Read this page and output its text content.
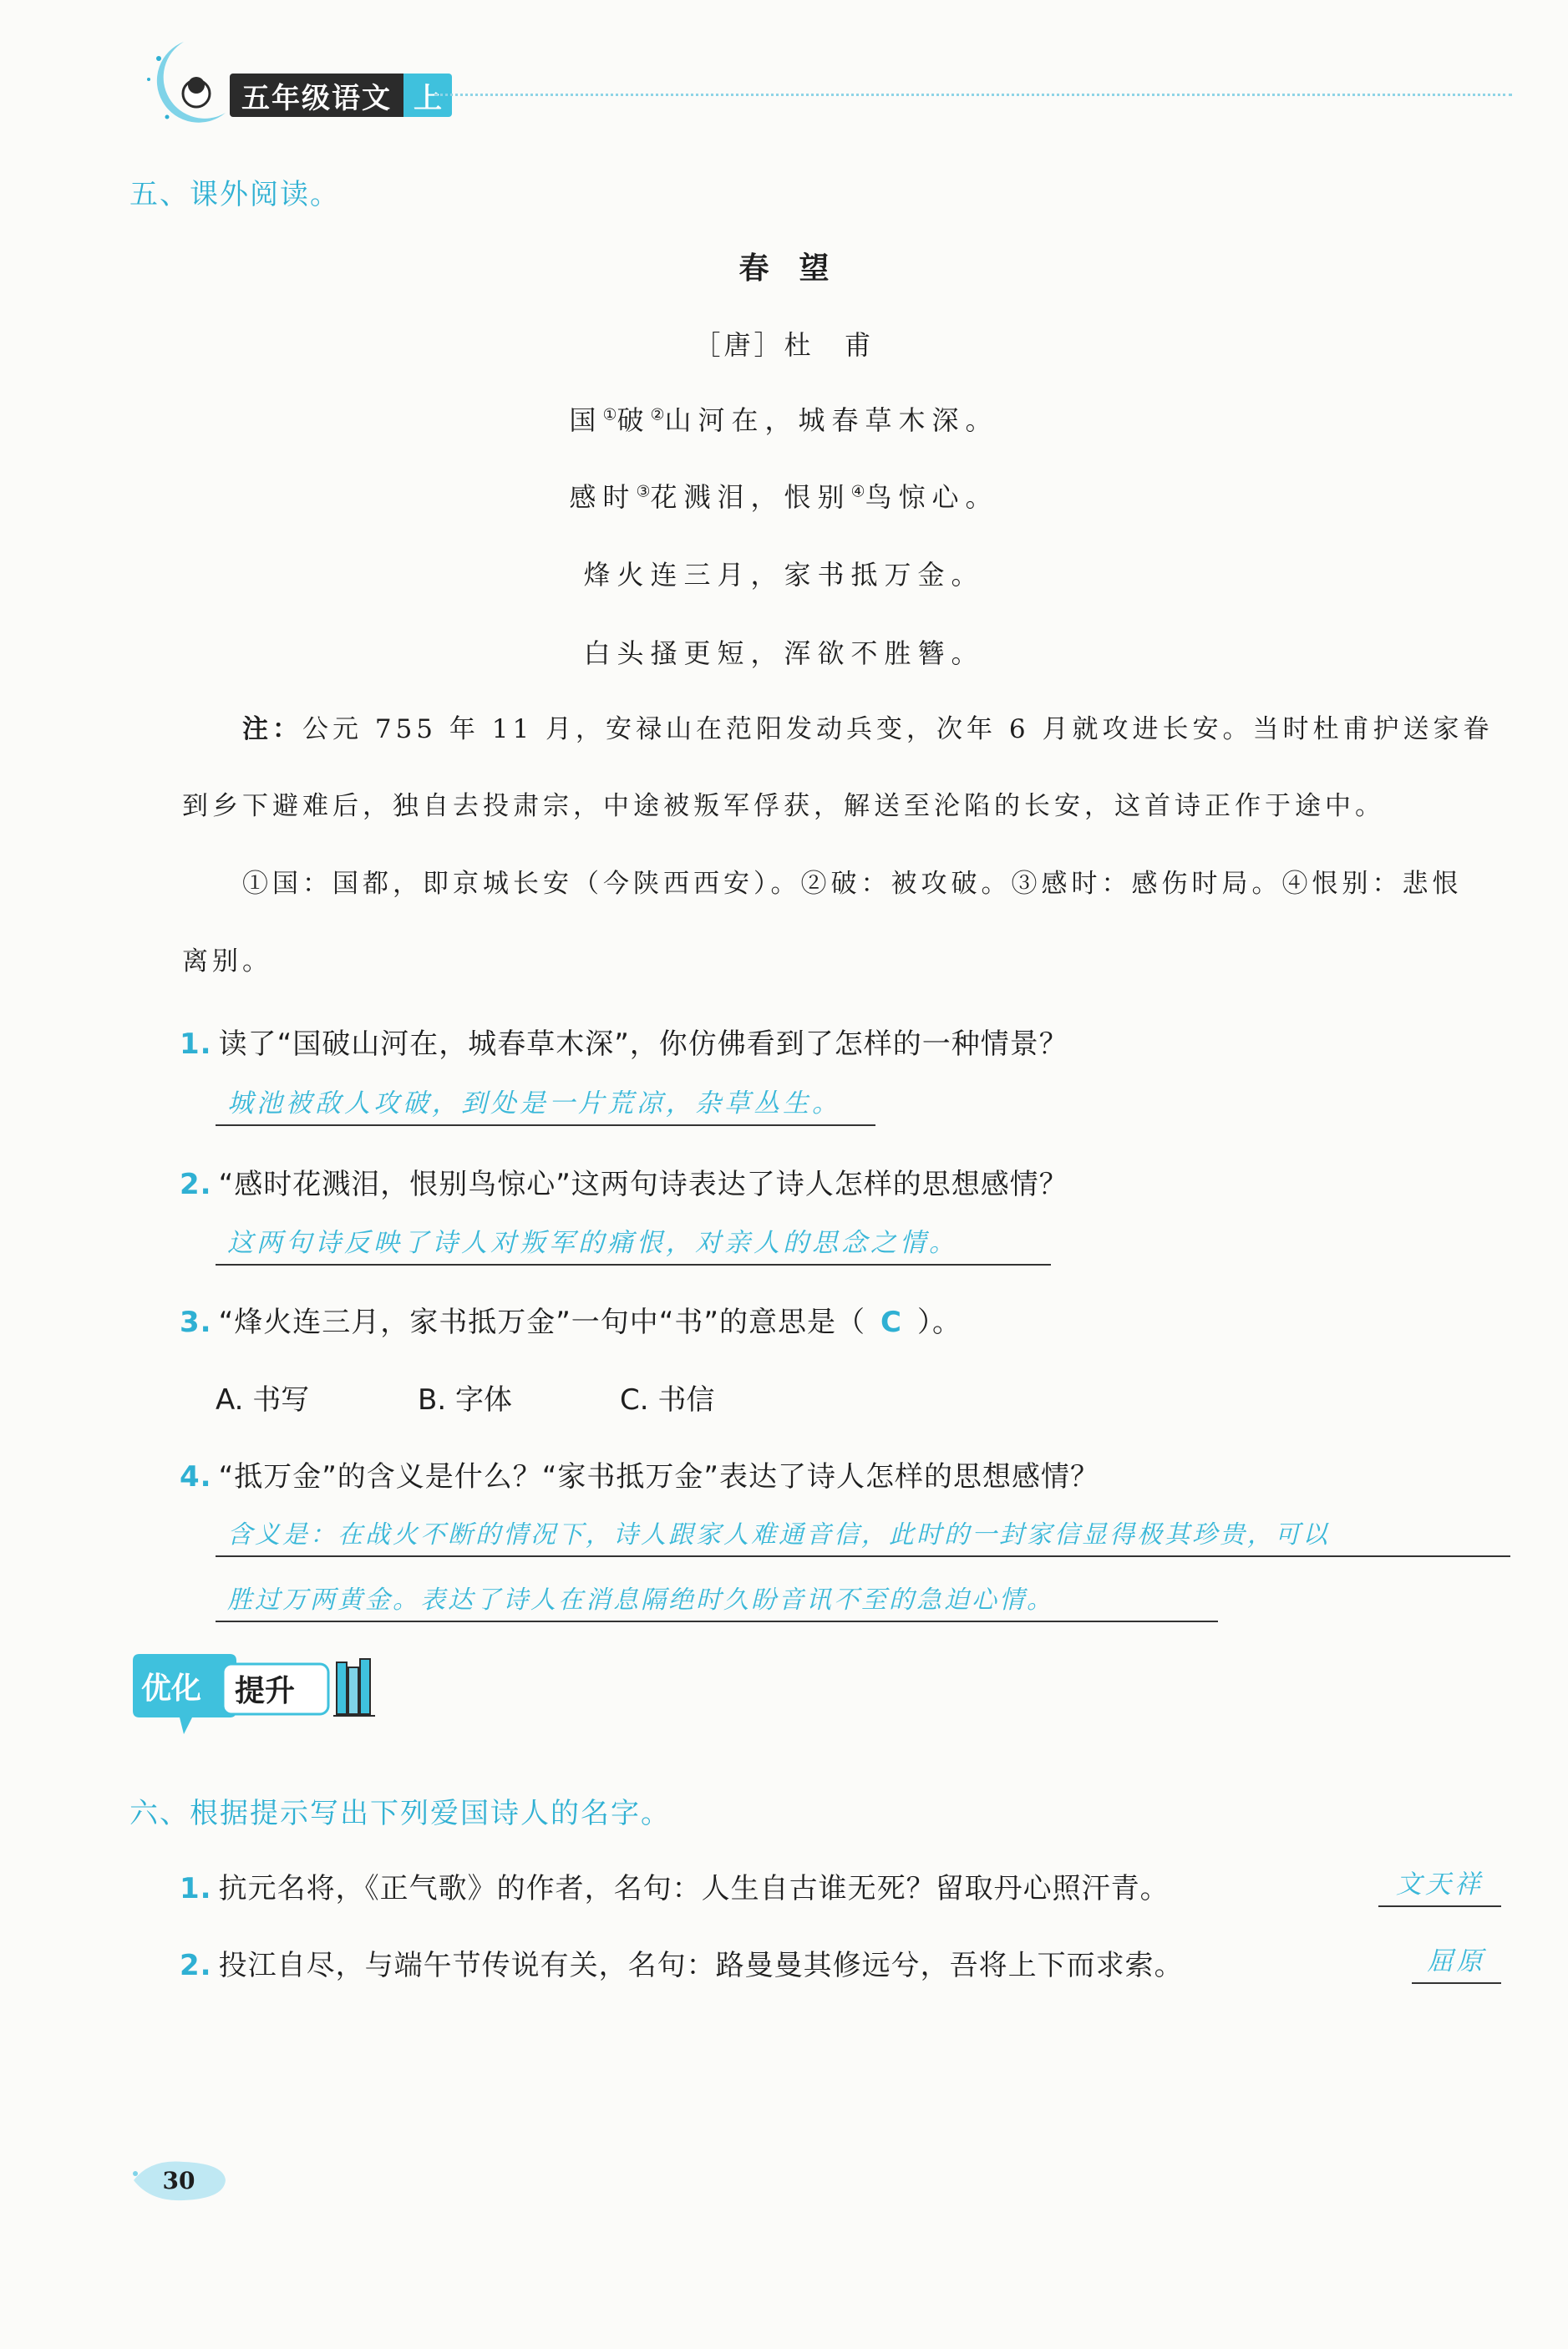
五年级语文 上
五、课外阅读。
春　望
［唐］杜　甫
国①破②山河在，城春草木深。
感时③花溅泪，恨别④鸟惊心。
烽火连三月，家书抵万金。
白头搔更短，浑欲不胜簪。
注：公元 755 年 11 月，安禄山在范阳发动兵变，次年 6 月就攻进长安。当时杜甫护送家眷
到乡下避难后，独自去投肃宗，中途被叛军俘获，解送至沦陷的长安，这首诗正作于途中。
①国：国都，即京城长安（今陕西西安）。②破：被攻破。③感时：感伤时局。④恨别：悲恨
离别。
1. 读了“国破山河在，城春草木深”，你仿佛看到了怎样的一种情景？
城池被敌人攻破，到处是一片荒凉，杂草丛生。
2. “感时花溅泪，恨别鸟惊心”这两句诗表达了诗人怎样的思想感情？
这两句诗反映了诗人对叛军的痛恨，对亲人的思念之情。
3. “烽火连三月，家书抵万金”一句中“书”的意思是（ C ）。
A. 书写	B. 字体	C. 书信
4. “抵万金”的含义是什么？“家书抵万金”表达了诗人怎样的思想感情？
含义是：在战火不断的情况下，诗人跟家人难通音信，此时的一封家信显得极其珍贵，可以
胜过万两黄金。表达了诗人在消息隔绝时久盼音讯不至的急迫心情。
优化 提升
六、根据提示写出下列爱国诗人的名字。
1. 抗元名将，《正气歌》的作者，名句：人生自古谁无死？留取丹心照汗青。	文天祥
2. 投江自尽，与端午节传说有关，名句：路曼曼其修远兮，吾将上下而求索。	屈原
30
